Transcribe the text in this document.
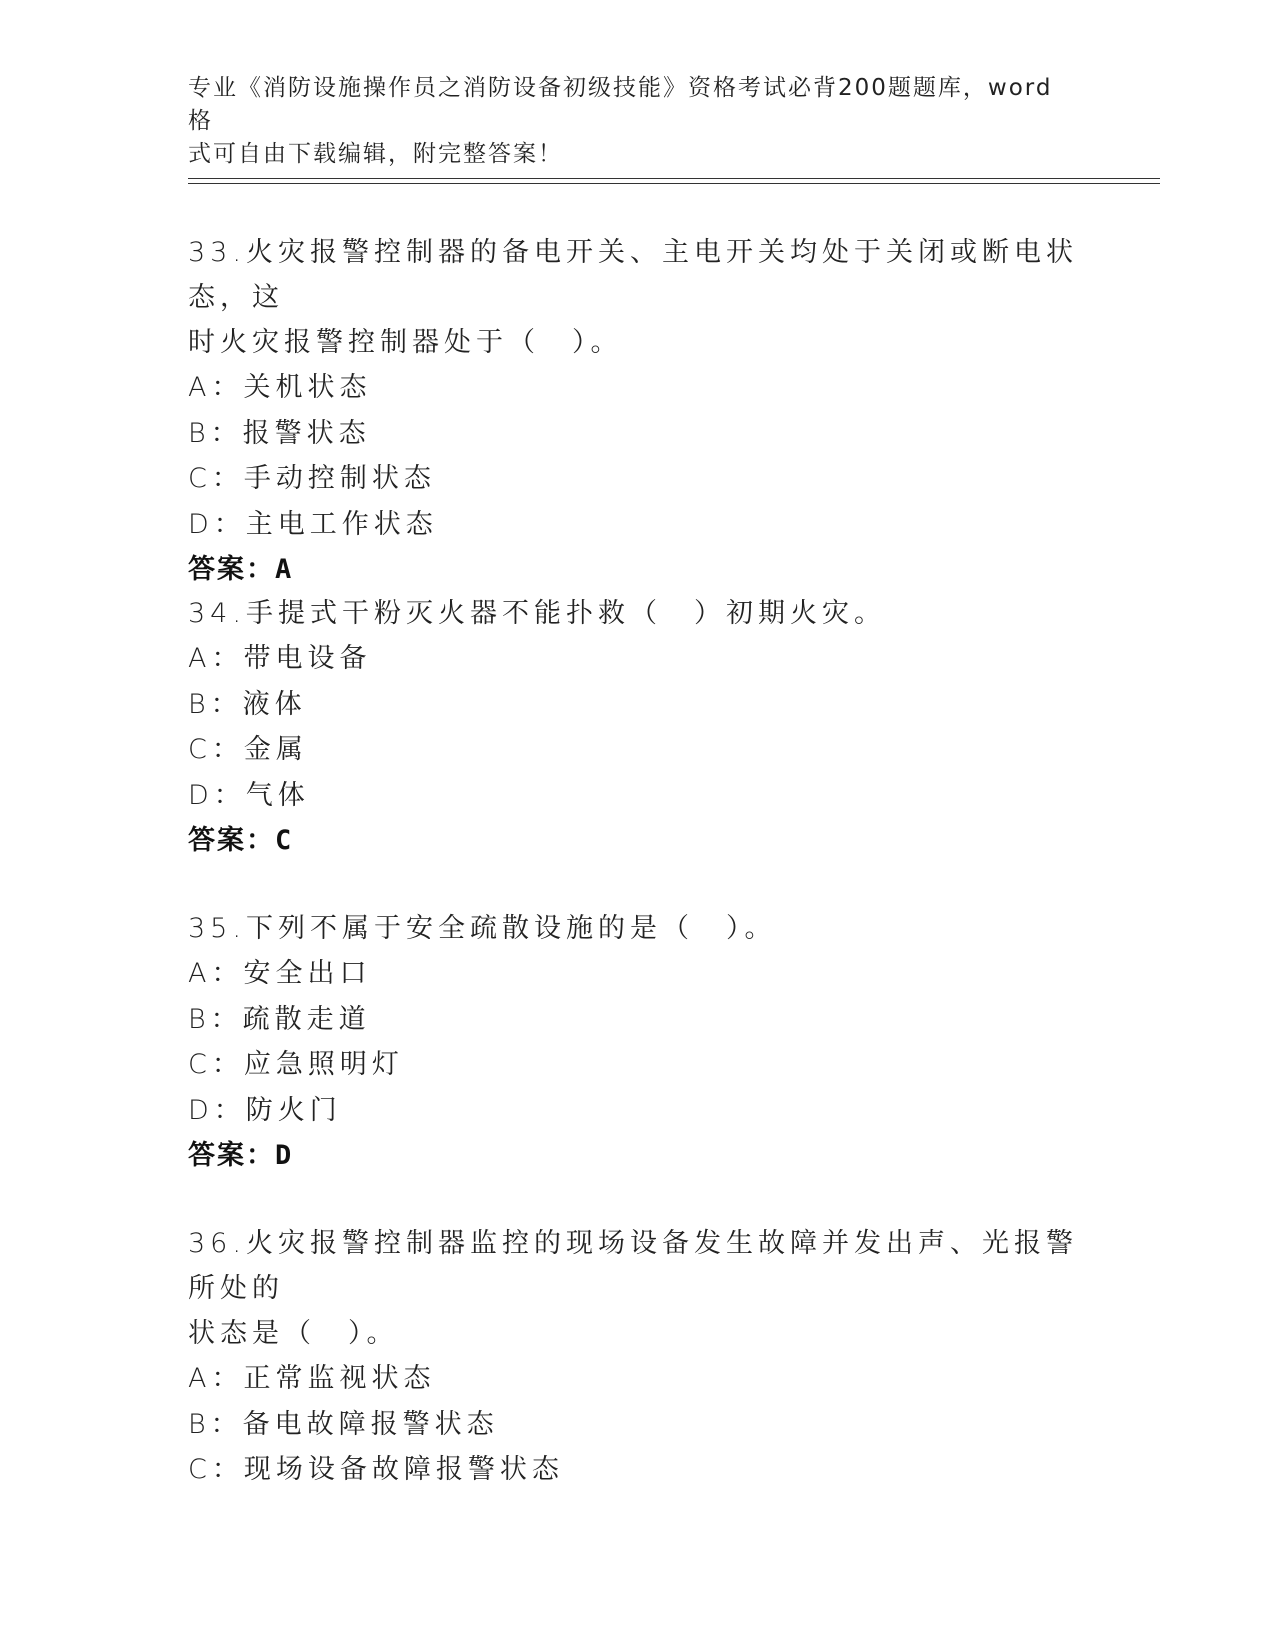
专业《消防设施操作员之消防设备初级技能》资格考试必背200题题库，word格
式可自由下载编辑，附完整答案！
33.火灾报警控制器的备电开关、主电开关均处于关闭或断电状态，这
时火灾报警控制器处于（　）。
A：关机状态
B：报警状态
C：手动控制状态
D：主电工作状态
答案：A
34.手提式干粉灭火器不能扑救（　）初期火灾。
A：带电设备
B：液体
C：金属
D：气体
答案：C
35.下列不属于安全疏散设施的是（　）。
A：安全出口
B：疏散走道
C：应急照明灯
D：防火门
答案：D
36.火灾报警控制器监控的现场设备发生故障并发出声、光报警所处的
状态是（　）。
A：正常监视状态
B：备电故障报警状态
C：现场设备故障报警状态
